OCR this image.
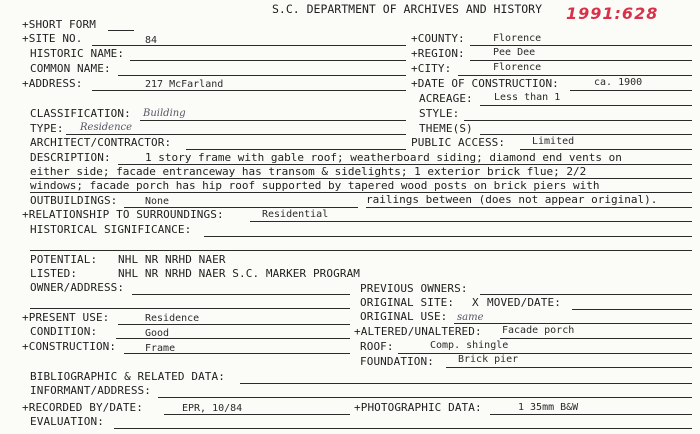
S.C. DEPARTMENT OF ARCHIVES AND HISTORY 1991:628
+SHORT FORM
+SITE NO.	84	+COUNTY:	Florence
HISTORIC NAME:	+REGION:	Pee Dee
COMMON NAME:	+CITY:	Florence
+ADDRESS:	217 McFarland	+DATE OF CONSTRUCTION:	ca. 1900
ACREAGE: Less than 1
CLASSIFICATION: Building	STYLE:
TYPE: Residence	THEME(S)
ARCHITECT/CONTRACTOR:	PUBLIC ACCESS:	Limited
DESCRIPTION:	1 story frame with gable roof; weatherboard siding; diamond end vents on
either side; facade entranceway has transom & sidelights; 1 exterior brick flue; 2/2
windows; facade porch has hip roof supported by tapered wood posts on brick piers with
OUTBUILDINGS:	None	railings between (does not appear original).
+RELATIONSHIP TO SURROUNDINGS:	Residential
HISTORICAL SIGNIFICANCE:
POTENTIAL: NHL NR NRHD NAER
LISTED:	NHL NR NRHD NAER S.C. MARKER PROGRAM
OWNER/ADDRESS:	PREVIOUS OWNERS:
ORIGINAL SITE: X MOVED/DATE:
+PRESENT USE:	Residence	ORIGINAL USE: same
CONDITION:	Good	+ALTERED/UNALTERED: Facade porch
+CONSTRUCTION:	Frame	ROOF:	Comp. shingle
FOUNDATION: Brick pier
BIBLIOGRAPHIC & RELATED DATA:
INFORMANT/ADDRESS:
+RECORDED BY/DATE:	EPR, 10/84	+PHOTOGRAPHIC DATA:	1 35mm B&W
EVALUATION:
